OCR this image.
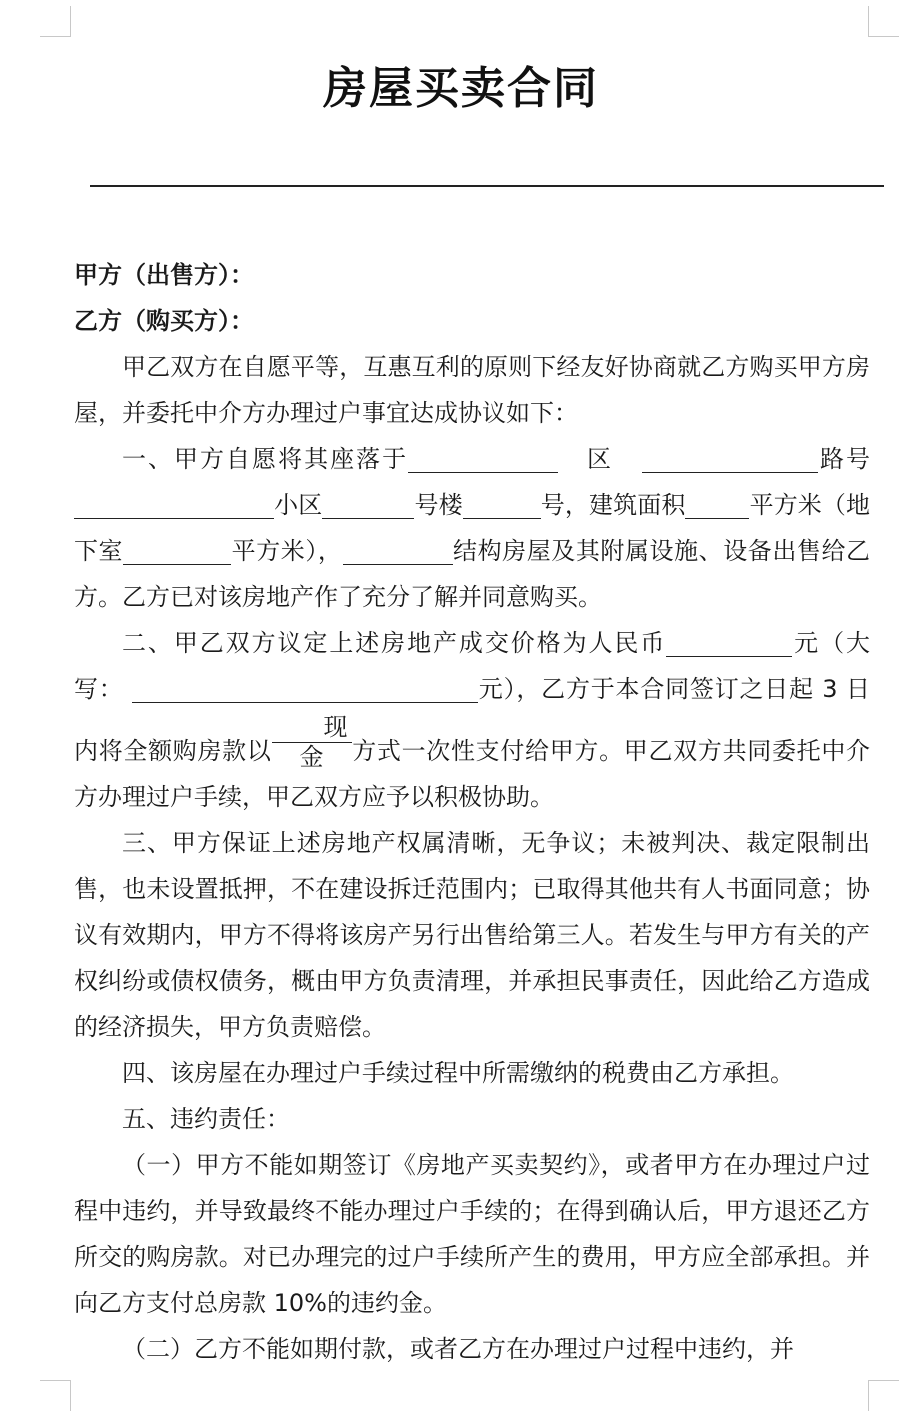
房屋买卖合同

甲方（出售方）：

乙方（购买方）：

甲乙双方在自愿平等，互惠互利的原则下经友好协商就乙方购买甲方房屋，并委托中介方办理过户事宜达成协议如下：

一、甲方自愿将其座落于	区	路号小区	号楼	号，建筑面积	平方米（地下室	平方米），	结构房屋及其附属设施、设备出售给乙方。乙方已对该房地产作了充分了解并同意购买。

二、甲乙双方议定上述房地产成交价格为人民币	元（大写：	元），乙方于本合同签订之日起 3 日内将全额购房款以现金 方式一次性支付给甲方。甲乙双方共同委托中介方办理过户手续，甲乙双方应予以积极协助。

三、甲方保证上述房地产权属清晰，无争议；未被判决、裁定限制出售，也未设置抵押，不在建设拆迁范围内；已取得其他共有人书面同意；协议有效期内，甲方不得将该房产另行出售给第三人。若发生与甲方有关的产权纠纷或债权债务，概由甲方负责清理，并承担民事责任，因此给乙方造成的经济损失，甲方负责赔偿。

四、该房屋在办理过户手续过程中所需缴纳的税费由乙方承担。

五、违约责任：

（一）甲方不能如期签订《房地产买卖契约》，或者甲方在办理过户过程中违约，并导致最终不能办理过户手续的；在得到确认后，甲方退还乙方所交的购房款。对已办理完的过户手续所产生的费用，甲方应全部承担。并向乙方支付总房款 10%的违约金。

（二）乙方不能如期付款，或者乙方在办理过户过程中违约，并
